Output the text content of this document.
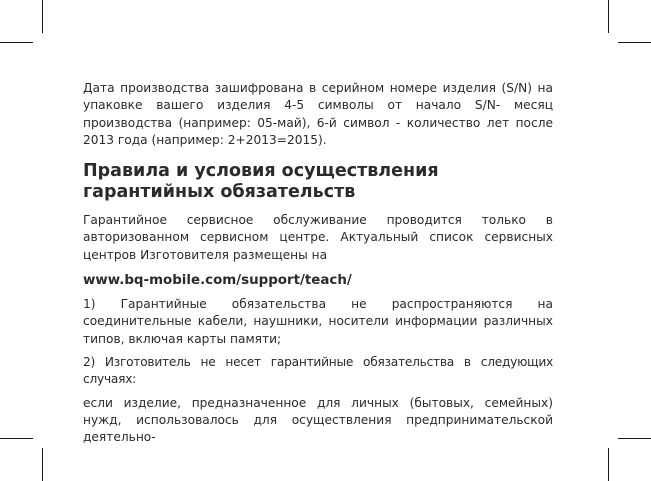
Дата производства зашифрована в серийном номере изделия (S/N) на упаковке вашего изделия 4-5 символы от начало S/N- месяц производства (например: 05-май), 6-й символ - количество лет после 2013 года (например: 2+2013=2015).

Правила и условия осуществления гарантийных обязательств

Гарантийное сервисное обслуживание проводится только в авторизованном сервисном центре. Актуальный список сервисных центров Изготовителя размещены на

www.bq-mobile.com/support/teach/

1) Гарантийные обязательства не распространяются на соединительные кабели, наушники, носители информации различных типов, включая карты памяти;

2) Изготовитель не несет гарантийные обязательства в следующих случаях:

если изделие, предназначенное для личных (бытовых, семейных) нужд, использовалось для осуществления предпринимательской деятельно-
